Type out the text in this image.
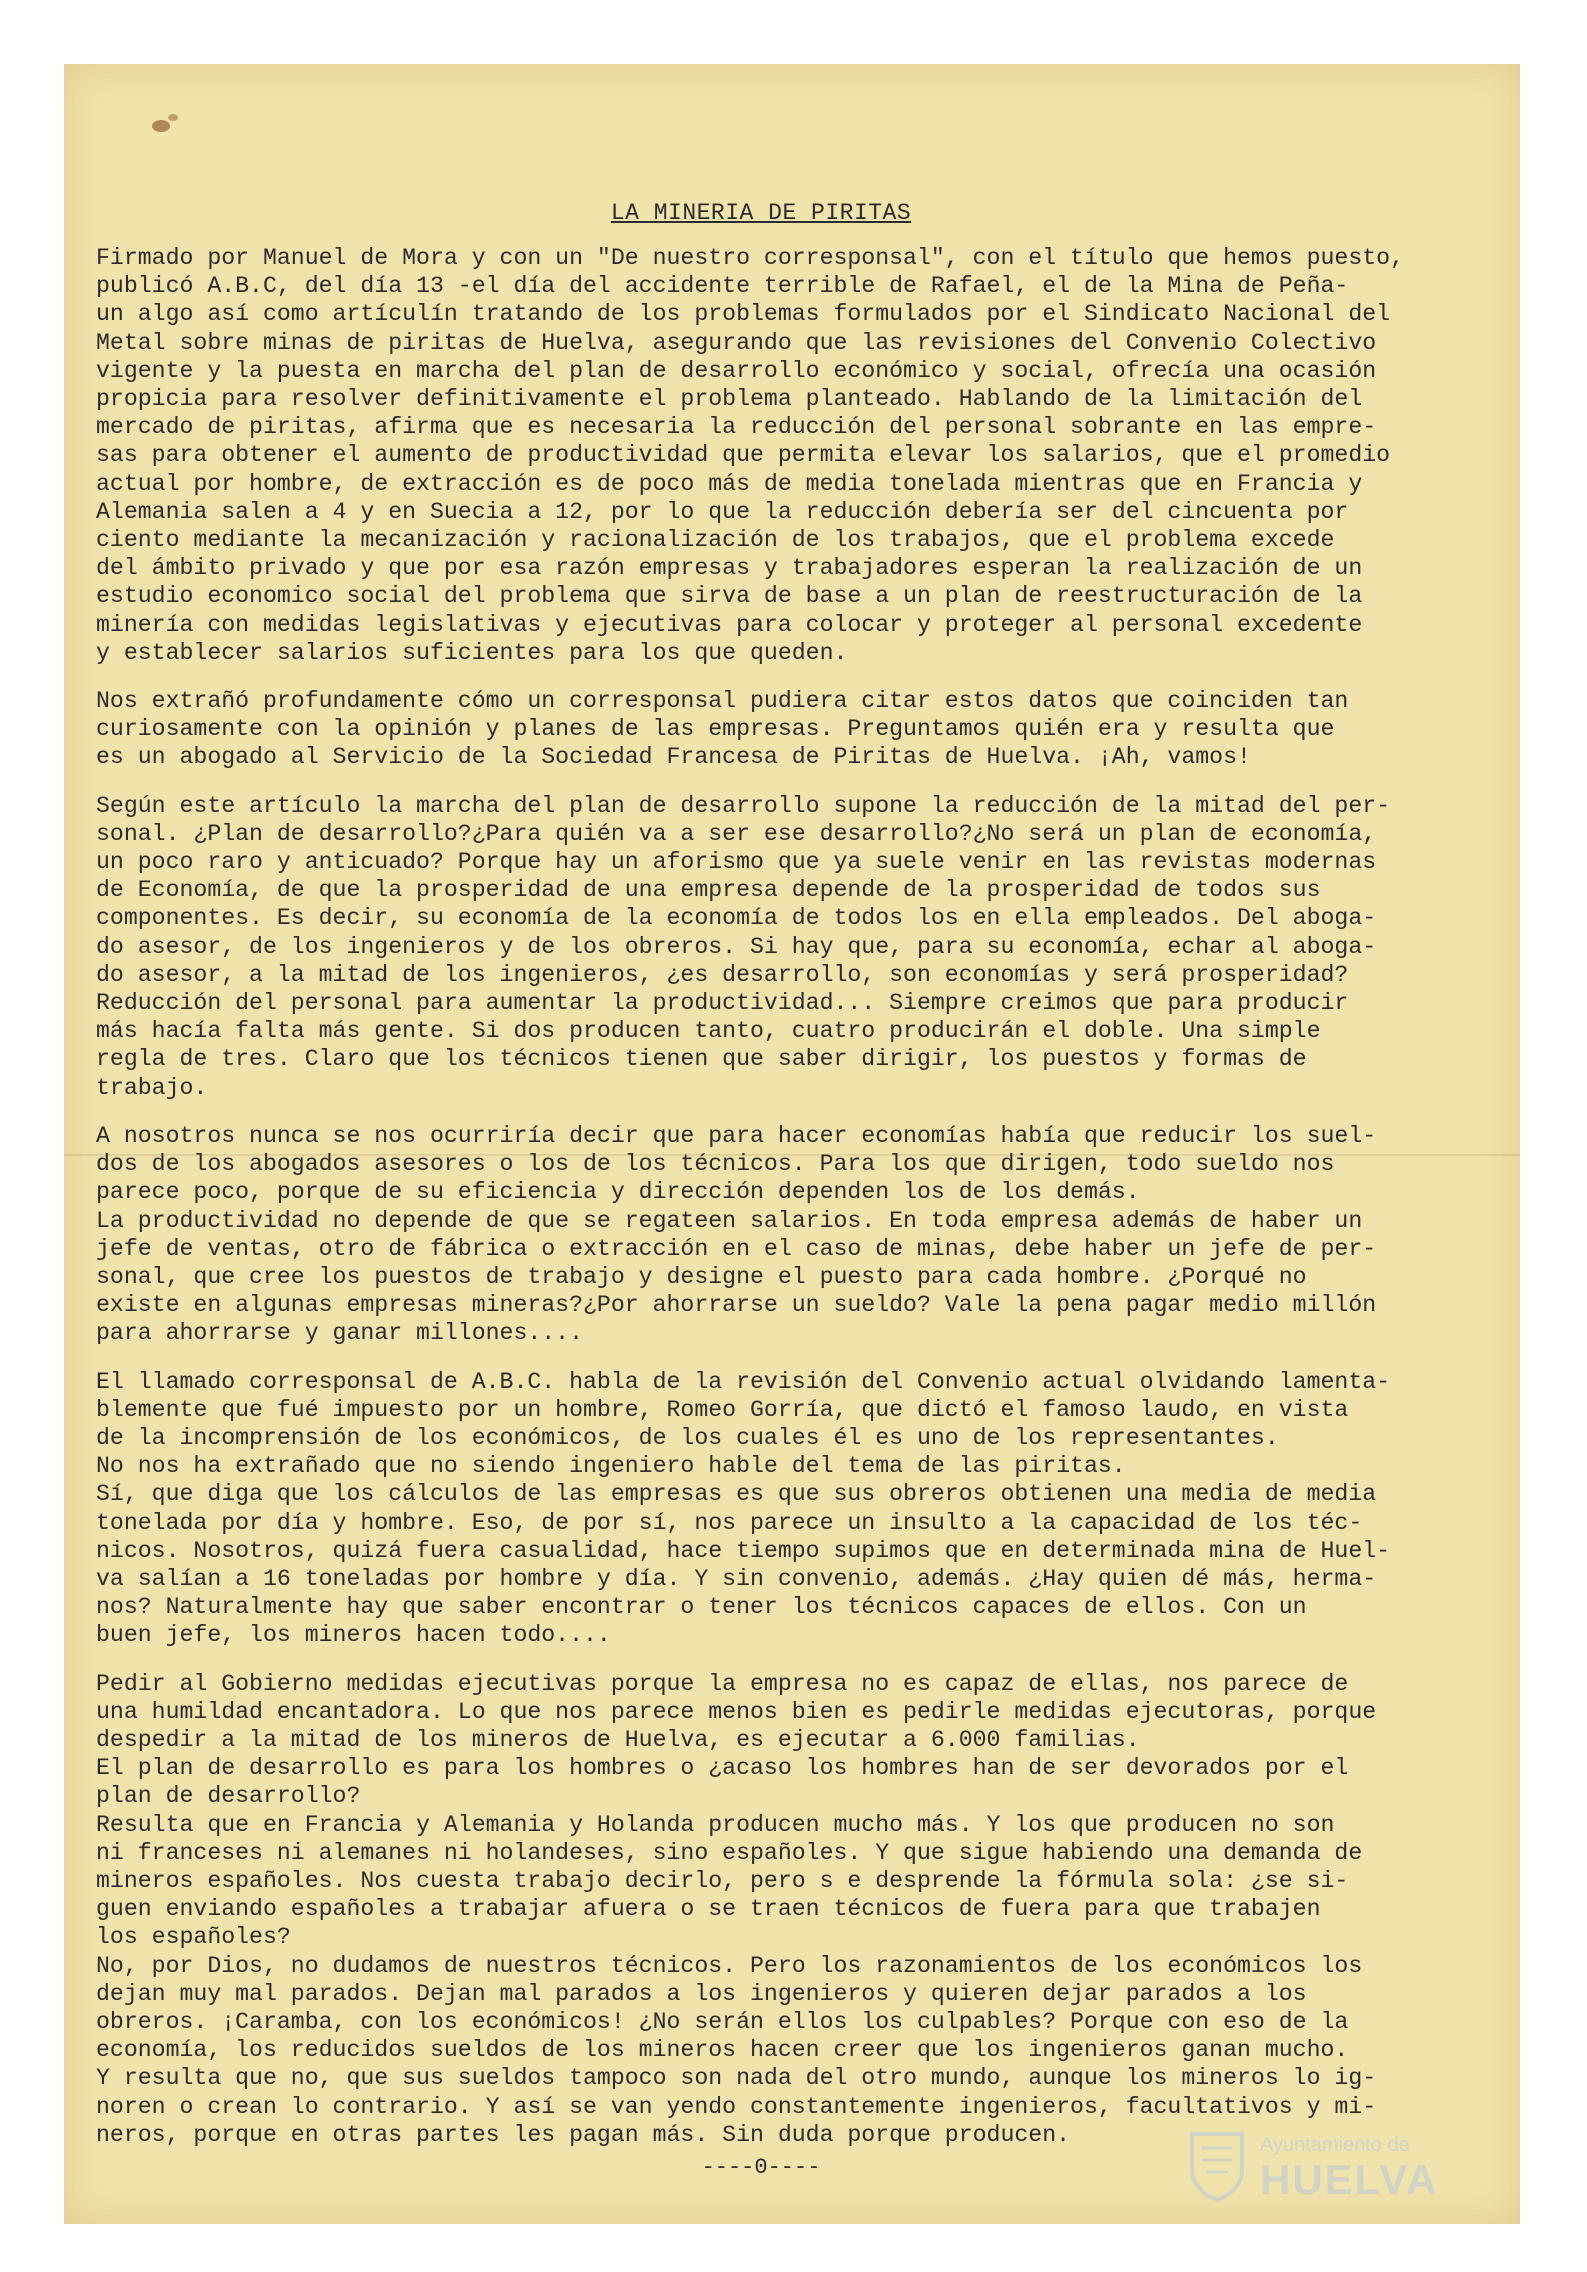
LA MINERIA DE PIRITAS

Firmado por Manuel de Mora y con un "De nuestro corresponsal", con el título que hemos puesto,
publicó A.B.C, del día 13 -el día del accidente terrible de Rafael, el de la Mina de Peña-
un algo así como artículín tratando de los problemas formulados por el Sindicato Nacional del
Metal sobre minas de piritas de Huelva, asegurando que las revisiones del Convenio Colectivo
vigente y la puesta en marcha del plan de desarrollo económico y social, ofrecía una ocasión
propicia para resolver definitivamente el problema planteado. Hablando de la limitación del
mercado de piritas, afirma que es necesaria la reducción del personal sobrante en las empre-
sas para obtener el aumento de productividad que permita elevar los salarios, que el promedio
actual por hombre, de extracción es de poco más de media tonelada mientras que en Francia y
Alemania salen a 4 y en Suecia a 12, por lo que la reducción debería ser del cincuenta por
ciento mediante la mecanización y racionalización de los trabajos, que el problema excede
del ámbito privado y que por esa razón empresas y trabajadores esperan la realización de un
estudio economico social del problema que sirva de base a un plan de reestructuración de la
minería con medidas legislativas y ejecutivas para colocar y proteger al personal excedente
y establecer salarios suficientes para los que queden.

Nos extrañó profundamente cómo un corresponsal pudiera citar estos datos que coinciden tan
curiosamente con la opinión y planes de las empresas. Preguntamos quién era y resulta que
es un abogado al Servicio de la Sociedad Francesa de Piritas de Huelva. ¡Ah, vamos!

Según este artículo la marcha del plan de desarrollo supone la reducción de la mitad del per-
sonal. ¿Plan de desarrollo?¿Para quién va a ser ese desarrollo?¿No será un plan de economía,
un poco raro y anticuado? Porque hay un aforismo que ya suele venir en las revistas modernas
de Economía, de que la prosperidad de una empresa depende de la prosperidad de todos sus
componentes. Es decir, su economía de la economía de todos los en ella empleados. Del aboga-
do asesor, de los ingenieros y de los obreros. Si hay que, para su economía, echar al aboga-
do asesor, a la mitad de los ingenieros, ¿es desarrollo, son economías y será prosperidad?
Reducción del personal para aumentar la productividad... Siempre creimos que para producir
más hacía falta más gente. Si dos producen tanto, cuatro producirán el doble. Una simple
regla de tres. Claro que los técnicos tienen que saber dirigir, los puestos y formas de
trabajo.

A nosotros nunca se nos ocurriría decir que para hacer economías había que reducir los suel-
dos de los abogados asesores o los de los técnicos. Para los que dirigen, todo sueldo nos
parece poco, porque de su eficiencia y dirección dependen los de los demás.
La productividad no depende de que se regateen salarios. En toda empresa además de haber un
jefe de ventas, otro de fábrica o extracción en el caso de minas, debe haber un jefe de per-
sonal, que cree los puestos de trabajo y designe el puesto para cada hombre. ¿Porqué no
existe en algunas empresas mineras?¿Por ahorrarse un sueldo? Vale la pena pagar medio millón
para ahorrarse y ganar millones....

El llamado corresponsal de A.B.C. habla de la revisión del Convenio actual olvidando lamenta-
blemente que fué impuesto por un hombre, Romeo Gorría, que dictó el famoso laudo, en vista
de la incomprensión de los económicos, de los cuales él es uno de los representantes.
No nos ha extrañado que no siendo ingeniero hable del tema de las piritas.
Sí, que diga que los cálculos de las empresas es que sus obreros obtienen una media de media
tonelada por día y hombre. Eso, de por sí, nos parece un insulto a la capacidad de los téc-
nicos. Nosotros, quizá fuera casualidad, hace tiempo supimos que en determinada mina de Huel-
va salían a 16 toneladas por hombre y día. Y sin convenio, además. ¿Hay quien dé más, herma-
nos? Naturalmente hay que saber encontrar o tener los técnicos capaces de ellos. Con un
buen jefe, los mineros hacen todo....

Pedir al Gobierno medidas ejecutivas porque la empresa no es capaz de ellas, nos parece de
una humildad encantadora. Lo que nos parece menos bien es pedirle medidas ejecutoras, porque
despedir a la mitad de los mineros de Huelva, es ejecutar a 6.000 familias.
El plan de desarrollo es para los hombres o ¿acaso los hombres han de ser devorados por el
plan de desarrollo?
Resulta que en Francia y Alemania y Holanda producen mucho más. Y los que producen no son
ni franceses ni alemanes ni holandeses, sino españoles. Y que sigue habiendo una demanda de
mineros españoles. Nos cuesta trabajo decirlo, pero s e desprende la fórmula sola: ¿se si-
guen enviando españoles a trabajar afuera o se traen técnicos de fuera para que trabajen
los españoles?
No, por Dios, no dudamos de nuestros técnicos. Pero los razonamientos de los económicos los
dejan muy mal parados. Dejan mal parados a los ingenieros y quieren dejar parados a los
obreros. ¡Caramba, con los económicos! ¿No serán ellos los culpables? Porque con eso de la
economía, los reducidos sueldos de los mineros hacen creer que los ingenieros ganan mucho.
Y resulta que no, que sus sueldos tampoco son nada del otro mundo, aunque los mineros lo ig-
noren o crean lo contrario. Y así se van yendo constantemente ingenieros, facultativos y mi-
neros, porque en otras partes les pagan más. Sin duda porque producen.

----0----
Ayuntamiento de
HUELVA
